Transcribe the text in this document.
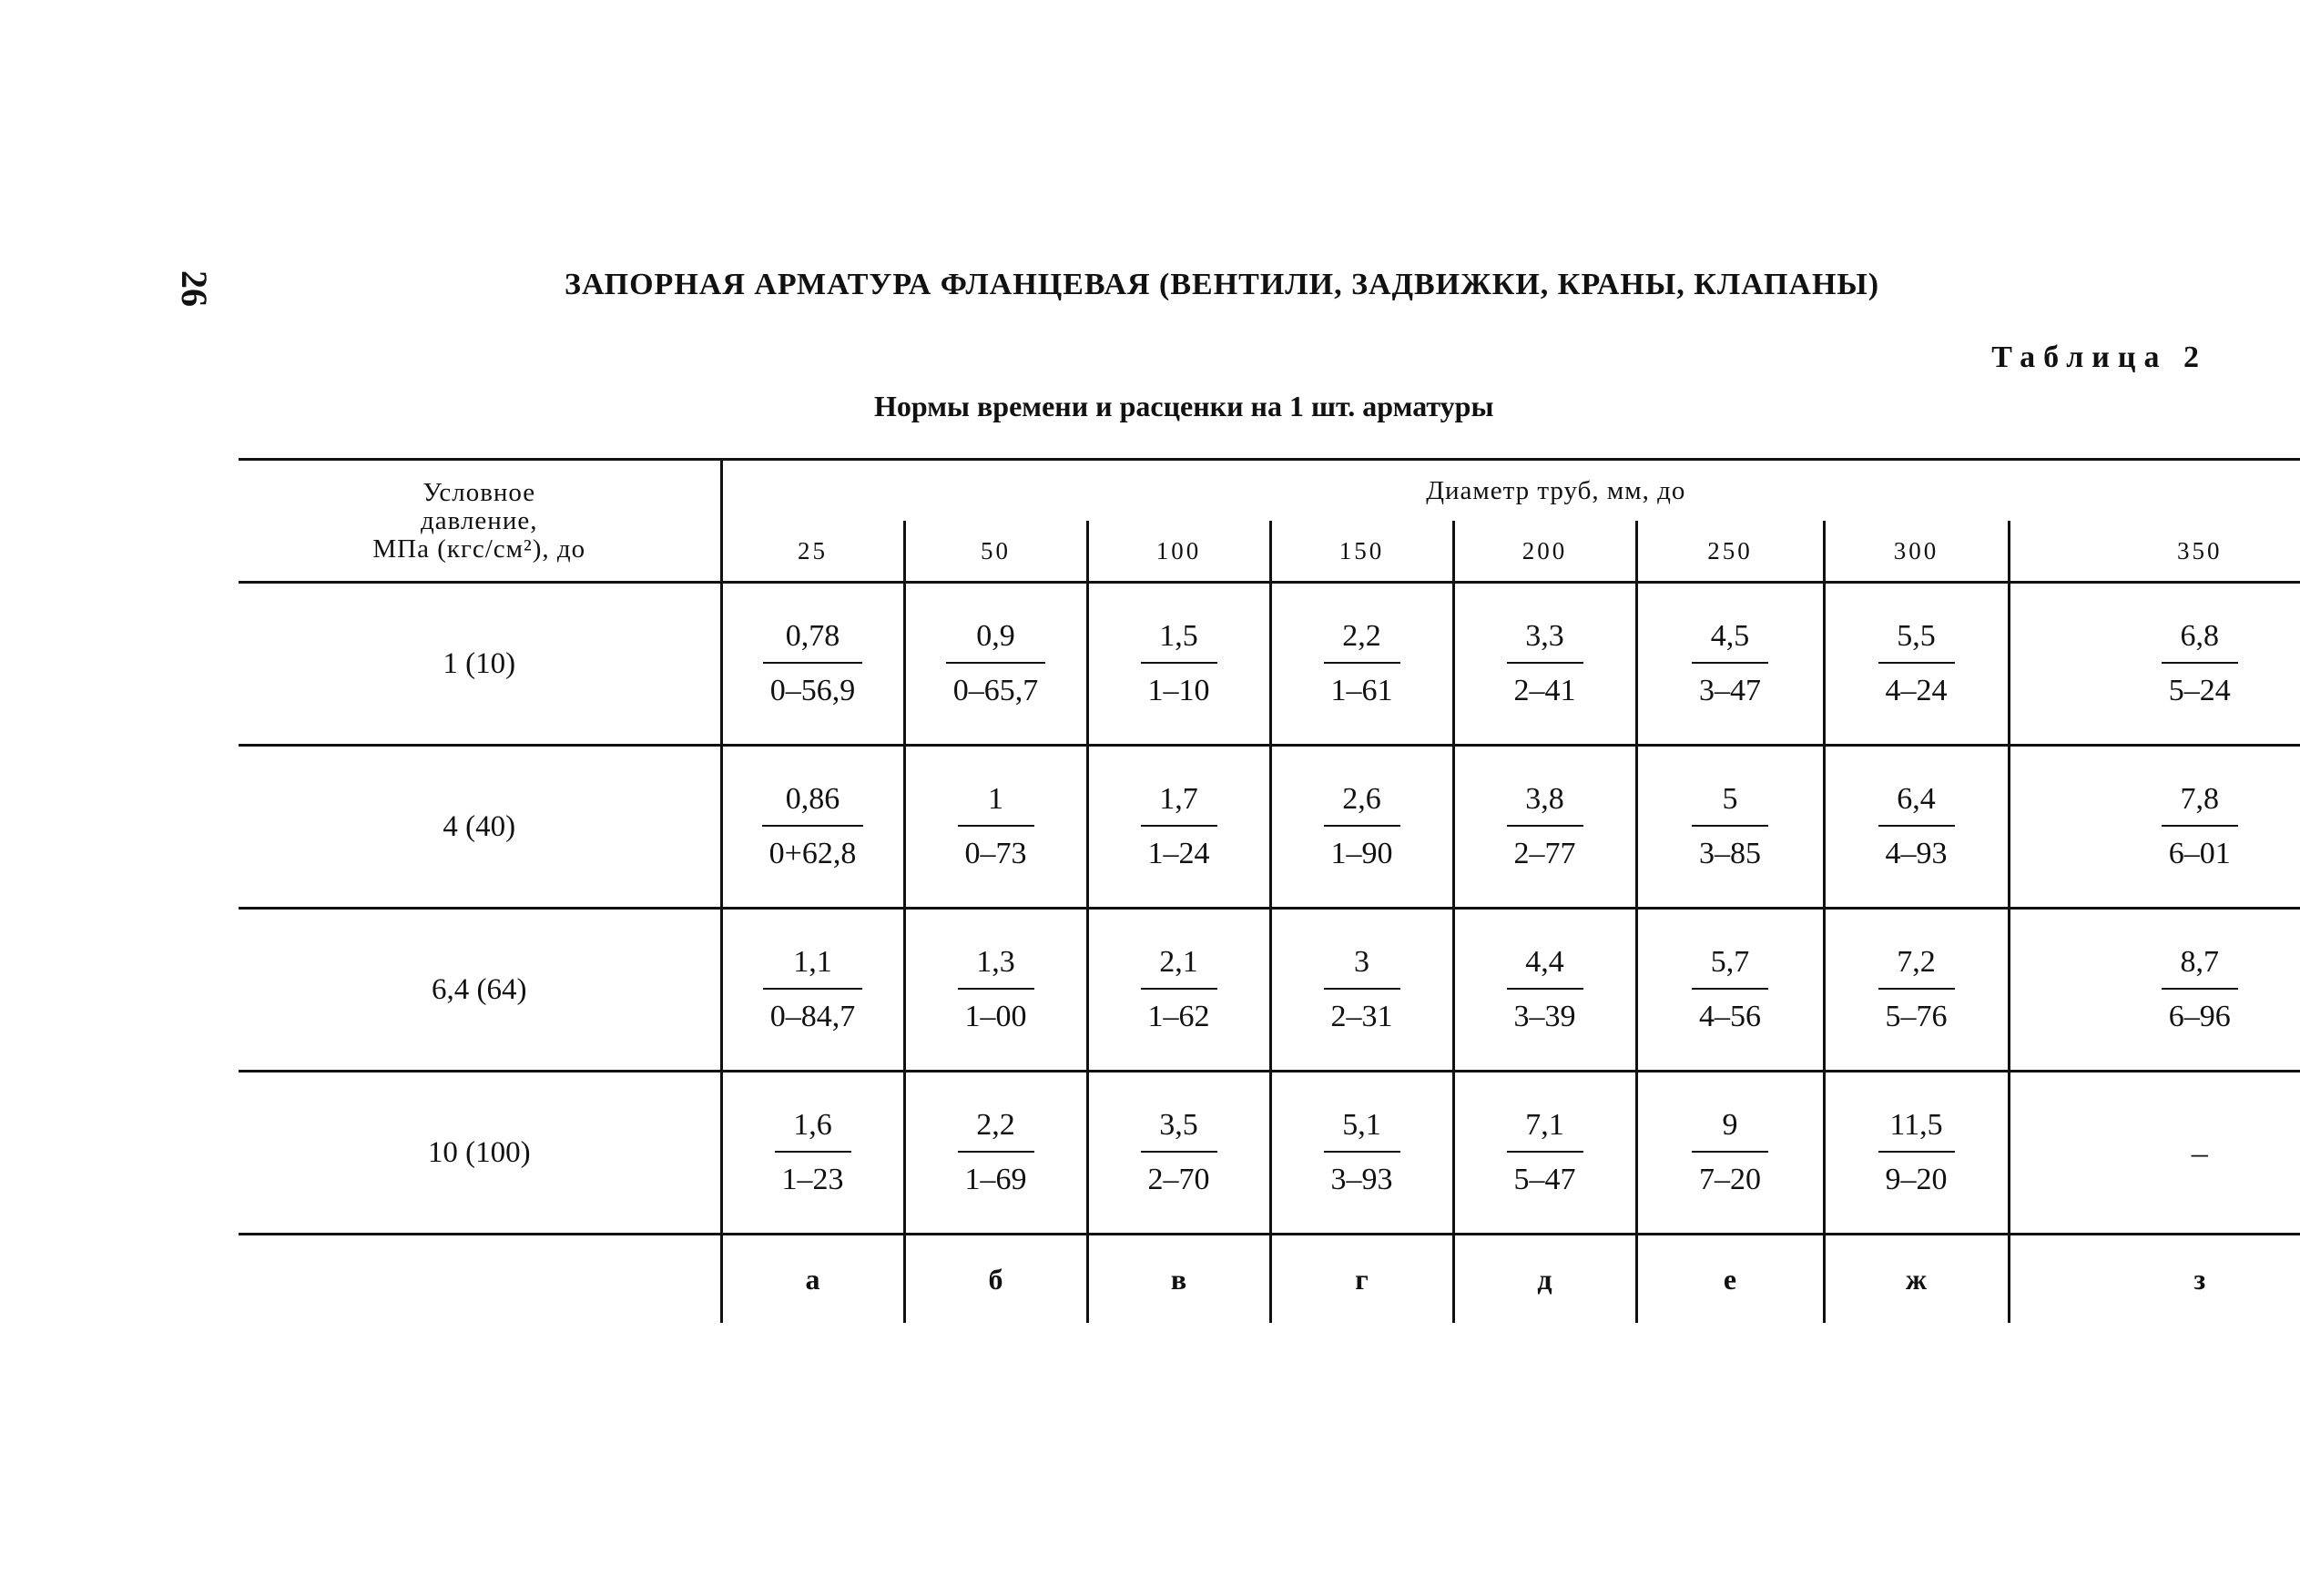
26	ЗАПОРНАЯ АРМАТУРА ФЛАНЦЕВАЯ (ВЕНТИЛИ, ЗАДВИЖКИ, КРАНЫ, КЛАПАНЫ)
Таблица 2
Нормы времени и расценки на 1 шт. арматуры
Условное
давление,
МПа (кгс/см²), до	Диаметр труб, мм, до							
	25	50	100	150	200	250	300	350
1 (10)	$\frac{0,78}{0-56,9}$	$\frac{0,9}{0-65,7}$	$\frac{1,5}{1-10}$	$\frac{2,2}{1-61}$	$\frac{3,3}{2-41}$	$\frac{4,5}{3-47}$	$\frac{5,5}{4-24}$	$\frac{6,8}{5-24}$

4 (40)	$\frac{0,86}{0+62,8}$	$\frac{1}{0-73}$	$\frac{1,7}{1-24}$	$\frac{2,6}{1-90}$	$\frac{3,8}{2-77}$	$\frac{5}{3-85}$	$\frac{6,4}{4-93}$	$\frac{7,8}{6-01}$

6,4 (64)	$\frac{1,1}{0-84,7}$	$\frac{1,3}{1-00}$	$\frac{2,1}{1-62}$	$\frac{3}{2-31}$	$\frac{4,4}{3-39}$	$\frac{5,7}{4-56}$	$\frac{7,2}{5-76}$	$\frac{8,7}{6-96}$

10 (100)	$\frac{1,6}{1-23}$	$\frac{2,2}{1-69}$	$\frac{3,5}{2-70}$	$\frac{5,1}{3-93}$	$\frac{7,1}{5-47}$	$\frac{9}{7-20}$	$\frac{11,5}{9-20}$	–
	а	б	в	г	д	е	ж	з
